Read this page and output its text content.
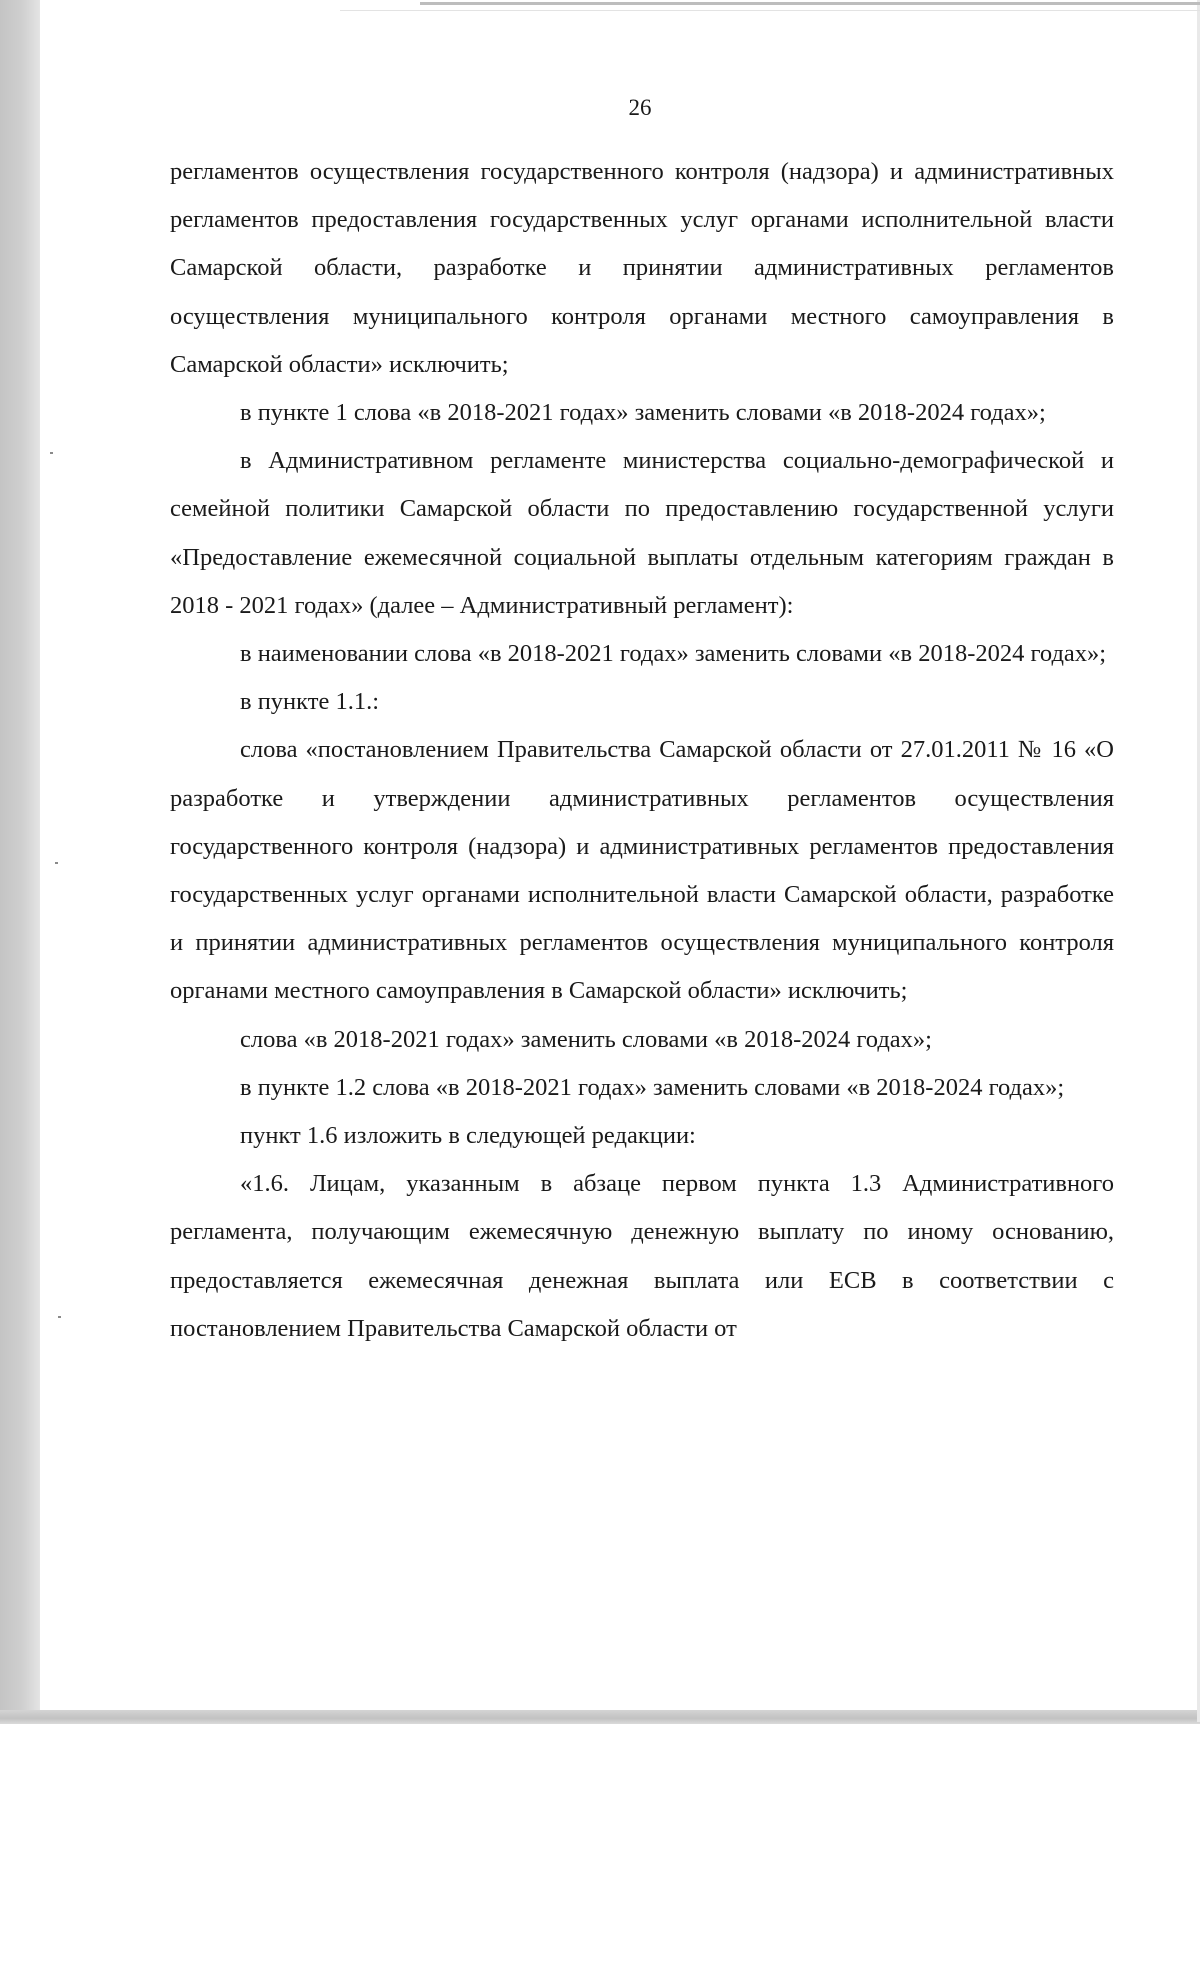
26

регламентов осуществления государственного контроля (надзора) и административных регламентов предоставления государственных услуг органами исполнительной власти Самарской области, разработке и принятии административных регламентов осуществления муниципального контроля органами местного самоуправления в Самарской области» исключить;

в пункте 1 слова «в 2018-2021 годах» заменить словами «в 2018-2024 годах»;

в Административном регламенте министерства социально-демографической и семейной политики Самарской области по предоставлению государственной услуги «Предоставление ежемесячной социальной выплаты отдельным категориям граждан в 2018 - 2021 годах» (далее – Административный регламент):

в наименовании слова «в 2018-2021 годах» заменить словами «в 2018-2024 годах»;

в пункте 1.1.:

слова «постановлением Правительства Самарской области от 27.01.2011 № 16 «О разработке и утверждении административных регламентов осуществления государственного контроля (надзора) и административных регламентов предоставления государственных услуг органами исполнительной власти Самарской области, разработке и принятии административных регламентов осуществления муниципального контроля органами местного самоуправления в Самарской области» исключить;

слова «в 2018-2021 годах» заменить словами «в 2018-2024 годах»;

в пункте 1.2 слова «в 2018-2021 годах» заменить словами «в 2018-2024 годах»;

пункт 1.6 изложить в следующей редакции:

«1.6. Лицам, указанным в абзаце первом пункта 1.3 Административного регламента, получающим ежемесячную денежную выплату по иному основанию, предоставляется ежемесячная денежная выплата или ЕСВ в соответствии с постановлением Правительства Самарской области от
